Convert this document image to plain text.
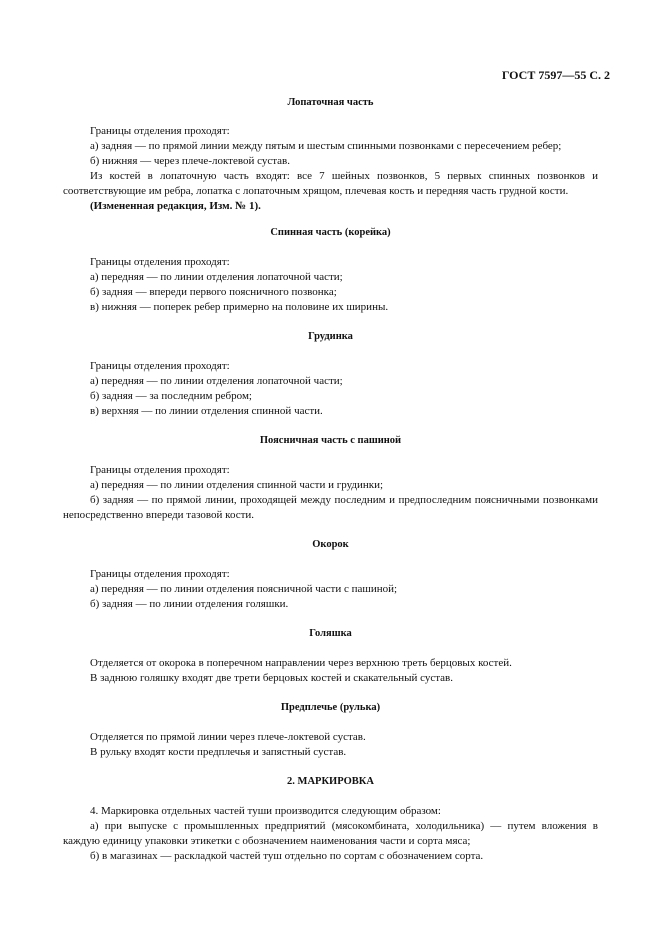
ГОСТ 7597—55 С. 2
Лопаточная часть

Границы отделения проходят:

а) задняя — по прямой линии между пятым и шестым спинными позвонками с пересечением ребер;

б) нижняя — через плече-локтевой сустав.

Из костей в лопаточную часть входят: все 7 шейных позвонков, 5 первых спинных позвонков и соответствующие им ребра, лопатка с лопаточным хрящом, плечевая кость и передняя часть грудной кости.

(Измененная редакция, Изм. № 1).

Спинная часть (корейка)

Границы отделения проходят:

а) передняя — по линии отделения лопаточной части;

б) задняя — впереди первого поясничного позвонка;

в) нижняя — поперек ребер примерно на половине их ширины.

Грудинка

Границы отделения проходят:

а) передняя — по линии отделения лопаточной части;

б) задняя — за последним ребром;

в) верхняя — по линии отделения спинной части.

Поясничная часть с пашиной

Границы отделения проходят:

а) передняя — по линии отделения спинной части и грудинки;

б) задняя — по прямой линии, проходящей между последним и предпоследним поясничными позвонками непосредственно впереди тазовой кости.

Окорок

Границы отделения проходят:

а) передняя — по линии отделения поясничной части с пашиной;

б) задняя — по линии отделения голяшки.

Голяшка

Отделяется от окорока в поперечном направлении через верхнюю треть берцовых костей.

В заднюю голяшку входят две трети берцовых костей и скакательный сустав.

Предплечье (рулька)

Отделяется по прямой линии через плече-локтевой сустав.

В рульку входят кости предплечья и запястный сустав.

2. МАРКИРОВКА

4. Маркировка отдельных частей туши производится следующим образом:

а) при выпуске с промышленных предприятий (мясокомбината, холодильника) — путем вложения в каждую единицу упаковки этикетки с обозначением наименования части и сорта мяса;

б) в магазинах — раскладкой частей туш отдельно по сортам с обозначением сорта.
